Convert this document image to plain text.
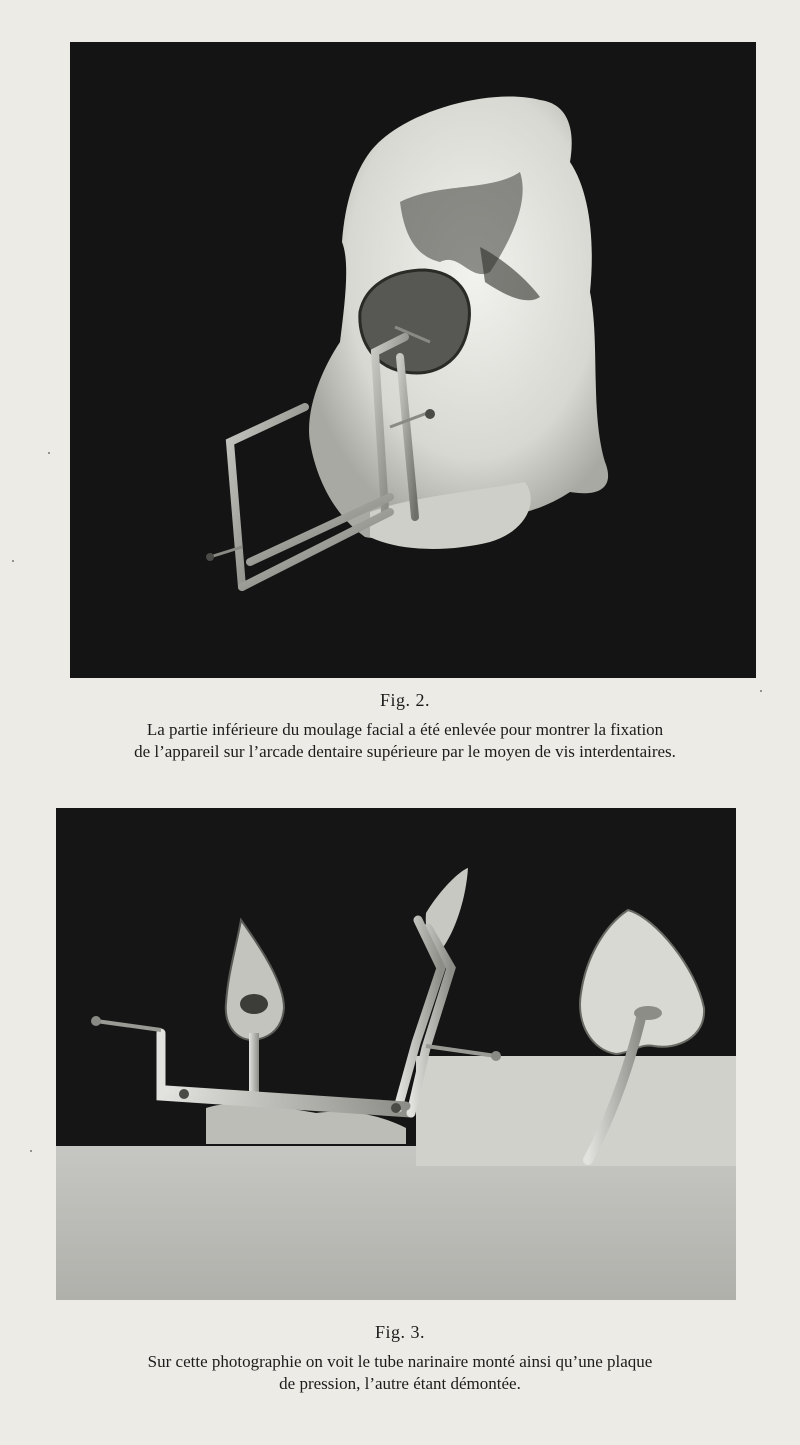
Fig. 2.

La partie inférieure du moulage facial a été enlevée pour montrer la fixation

de l’appareil sur l’arcade dentaire supérieure par le moyen de vis interdentaires.

Fig. 3.

Sur cette photographie on voit le tube narinaire monté ainsi qu’une plaque

de pression, l’autre étant démontée.
